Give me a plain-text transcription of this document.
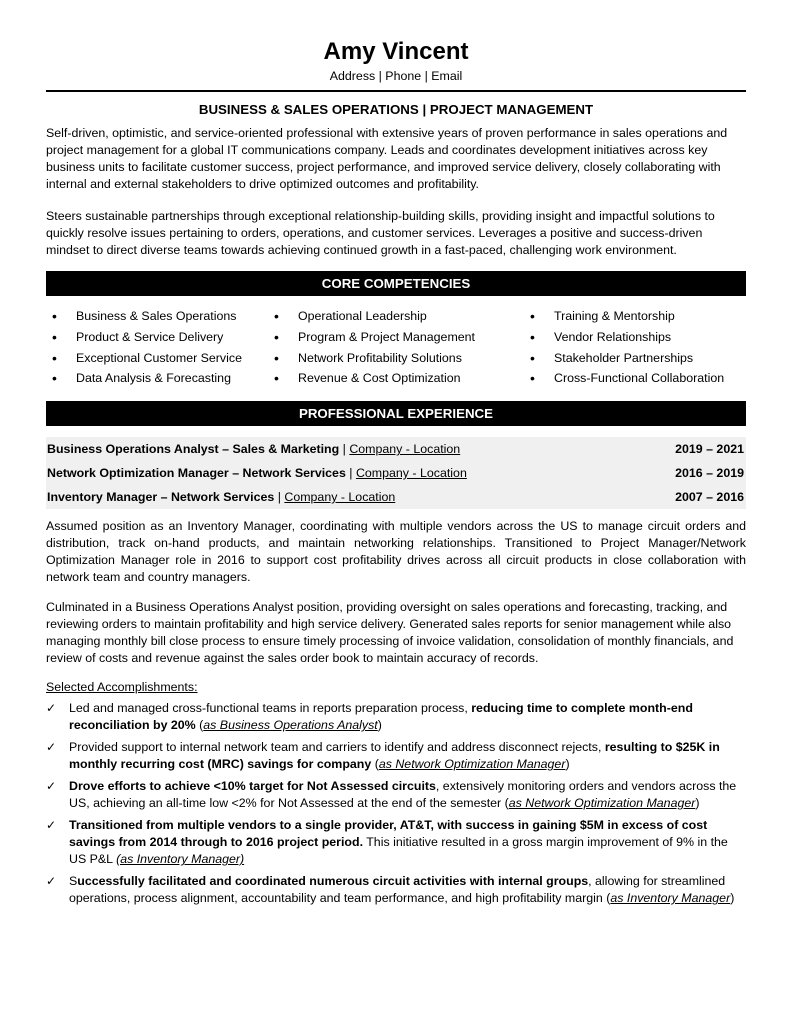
Amy Vincent
Address | Phone | Email
BUSINESS & SALES OPERATIONS | PROJECT MANAGEMENT
Self-driven, optimistic, and service-oriented professional with extensive years of proven performance in sales operations and project management for a global IT communications company. Leads and coordinates development initiatives across key business units to facilitate customer success, project performance, and improved service delivery, closely collaborating with internal and external stakeholders to drive optimized outcomes and profitability.
Steers sustainable partnerships through exceptional relationship-building skills, providing insight and impactful solutions to quickly resolve issues pertaining to orders, operations, and customer services. Leverages a positive and success-driven mindset to direct diverse teams towards achieving continued growth in a fast-paced, challenging work environment.
CORE COMPETENCIES
• Business & Sales Operations
• Product & Service Delivery
• Exceptional Customer Service
• Data Analysis & Forecasting
• Operational Leadership
• Program & Project Management
• Network Profitability Solutions
• Revenue & Cost Optimization
• Training & Mentorship
• Vendor Relationships
• Stakeholder Partnerships
• Cross-Functional Collaboration
PROFESSIONAL EXPERIENCE
Business Operations Analyst – Sales & Marketing | Company - Location	2019 – 2021
Network Optimization Manager – Network Services | Company - Location	2016 – 2019
Inventory Manager – Network Services | Company - Location	2007 – 2016
Assumed position as an Inventory Manager, coordinating with multiple vendors across the US to manage circuit orders and distribution, track on-hand products, and maintain networking relationships. Transitioned to Project Manager/Network Optimization Manager role in 2016 to support cost profitability drives across all circuit products in close collaboration with network team and country managers.
Culminated in a Business Operations Analyst position, providing oversight on sales operations and forecasting, tracking, and reviewing orders to maintain profitability and high service delivery. Generated sales reports for senior management while also managing monthly bill close process to ensure timely processing of invoice validation, consolidation of monthly financials, and review of costs and revenue against the sales order book to maintain accuracy of records.
Selected Accomplishments:
✓ Led and managed cross-functional teams in reports preparation process, reducing time to complete month-end reconciliation by 20% (as Business Operations Analyst)
✓ Provided support to internal network team and carriers to identify and address disconnect rejects, resulting to $25K in monthly recurring cost (MRC) savings for company (as Network Optimization Manager)
✓ Drove efforts to achieve <10% target for Not Assessed circuits, extensively monitoring orders and vendors across the US, achieving an all-time low <2% for Not Assessed at the end of the semester (as Network Optimization Manager)
✓ Transitioned from multiple vendors to a single provider, AT&T, with success in gaining $5M in excess of cost savings from 2014 through to 2016 project period. This initiative resulted in a gross margin improvement of 9% in the US P&L (as Inventory Manager)
✓ Successfully facilitated and coordinated numerous circuit activities with internal groups, allowing for streamlined operations, process alignment, accountability and team performance, and high profitability margin (as Inventory Manager)
